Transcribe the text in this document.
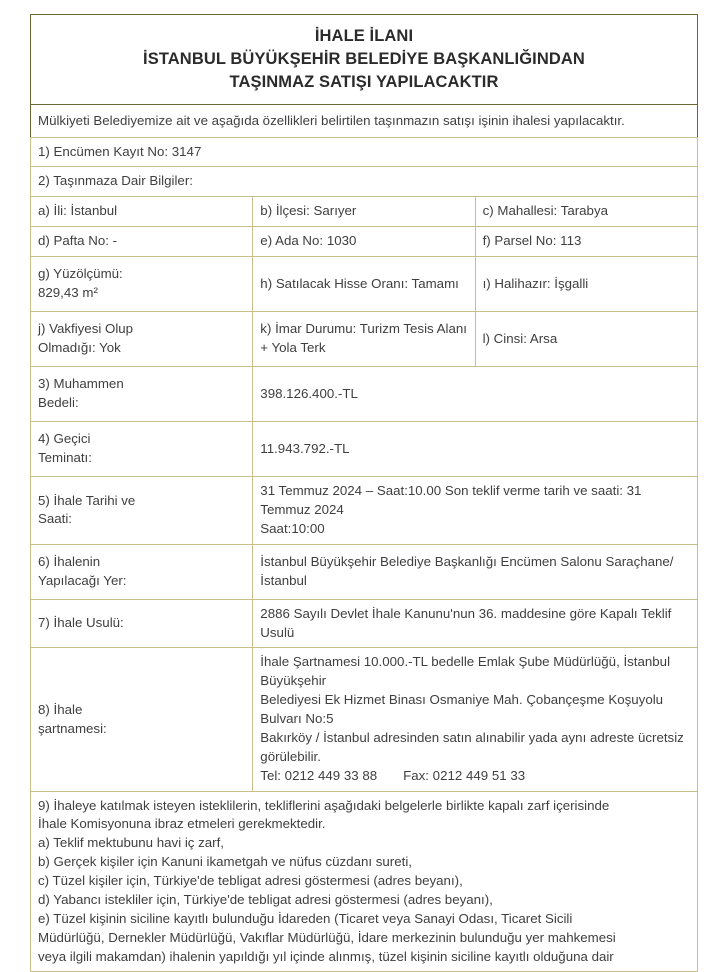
İHALE İLANI
İSTANBUL BÜYÜKŞEHİR BELEDİYE BAŞKANLIĞINDAN
TAŞINMAZ SATIŞI YAPILACAKTIR
Mülkiyeti Belediyemize ait ve aşağıda özellikleri belirtilen taşınmazın satışı işinin ihalesi yapılacaktır.
1) Encümen Kayıt No: 3147		
2) Taşınmaza Dair Bilgiler:		
a) İli: İstanbul	b) İlçesi: Sarıyer	c) Mahallesi: Tarabya
d) Pafta No: -	e) Ada No: 1030	f) Parsel No: 113
g) Yüzölçümü:
829,43 m²	h) Satılacak Hisse Oranı: Tamamı	ı) Halihazır: İşgalli
j) Vakfiyesi Olup
Olmadığı: Yok	k) İmar Durumu: Turizm Tesis Alanı + Yola Terk	l) Cinsi: Arsa
3) Muhammen
Bedeli:	398.126.400.-TL	
4) Geçici
Teminatı:	11.943.792.-TL	
5) İhale Tarihi ve
Saati:	31 Temmuz 2024 – Saat:10.00 Son teklif verme tarih ve saati: 31 Temmuz 2024
Saat:10:00	
6) İhalenin
Yapılacağı Yer:	İstanbul Büyükşehir Belediye Başkanlığı Encümen Salonu Saraçhane/İstanbul	
7) İhale Usulü:	2886 Sayılı Devlet İhale Kanunu'nun 36. maddesine göre Kapalı Teklif Usulü	
8) İhale
şartnamesi:	İhale Şartnamesi 10.000.-TL bedelle Emlak Şube Müdürlüğü, İstanbul Büyükşehir
Belediyesi Ek Hizmet Binası Osmaniye Mah. Çobançeşme Koşuyolu Bulvarı No:5
Bakırköy / İstanbul adresinden satın alınabilir yada aynı adreste ücretsiz görülebilir.

Tel: 0212 449 33 88 Fax: 0212 449 51 33	

9) İhaleye katılmak isteyen isteklilerin, tekliflerini aşağıdaki belgelerle birlikte kapalı zarf içerisinde
İhale Komisyonuna ibraz etmeleri gerekmektedir.
a) Teklif mektubunu havi iç zarf,
b) Gerçek kişiler için Kanuni ikametgah ve nüfus cüzdanı sureti,
c) Tüzel kişiler için, Türkiye'de tebligat adresi göstermesi (adres beyanı),
d) Yabancı istekliler için, Türkiye'de tebligat adresi göstermesi (adres beyanı),
e) Tüzel kişinin siciline kayıtlı bulunduğu İdareden (Ticaret veya Sanayi Odası, Ticaret Sicili
Müdürlüğü, Dernekler Müdürlüğü, Vakıflar Müdürlüğü, İdare merkezinin bulunduğu yer mahkemesi
veya ilgili makamdan) ihalenin yapıldığı yıl içinde alınmış, tüzel kişinin siciline kayıtlı olduğuna dair
